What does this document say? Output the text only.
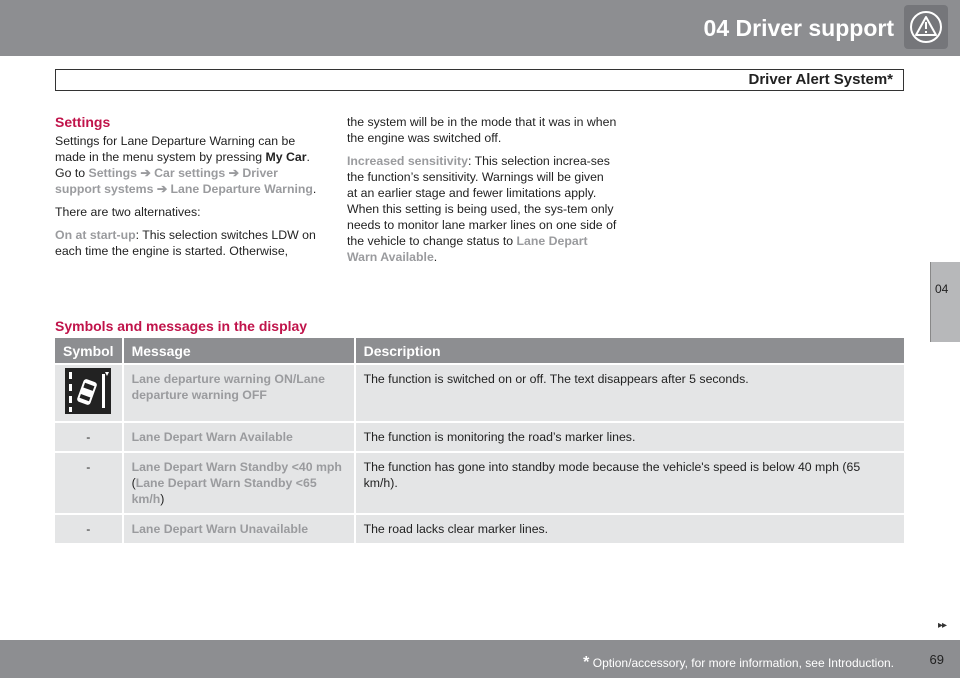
04 Driver support
Driver Alert System*
04
Settings

Settings for Lane Departure Warning can be made in the menu system by pressing My Car. Go to Settings ➔ Car settings ➔ Driver support systems ➔ Lane Departure Warning.

There are two alternatives:

On at start-up: This selection switches LDW on each time the engine is started. Otherwise,

the system will be in the mode that it was in when the engine was switched off.

Increased sensitivity: This selection increa-ses the function’s sensitivity. Warnings will be given at an earlier stage and fewer limitations apply. When this setting is being used, the sys-tem only needs to monitor lane marker lines on one side of the vehicle to change status to Lane Depart Warn Available.

Symbols and messages in the display
Symbol	Message	Description
	Lane departure warning ON/Lane departure warning OFF	The function is switched on or off. The text disappears after 5 seconds.
-	Lane Depart Warn Available	The function is monitoring the road’s marker lines.
-	Lane Depart Warn Standby <40 mph (Lane Depart Warn Standby <65 km/h)	The function has gone into standby mode because the vehicle's speed is below 40 mph (65 km/h).
-	Lane Depart Warn Unavailable	The road lacks clear marker lines.
▸▸
* Option/accessory, for more information, see Introduction.	69
